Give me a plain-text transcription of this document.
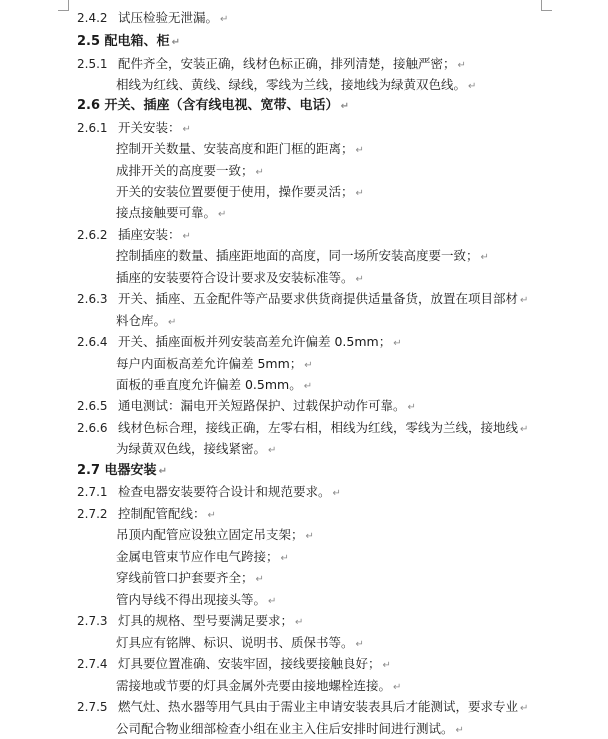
2.4.2 试压检验无泄漏。 ↵
2.5 配电箱、柜 ↵
2.5.1 配件齐全，安装正确，线材色标正确，排列清楚，接触严密； ↵
相线为红线、黄线、绿线，零线为兰线，接地线为绿黄双色线。 ↵
2.6 开关、插座（含有线电视、宽带、电话） ↵
2.6.1 开关安装： ↵
控制开关数量、安装高度和距门框的距离； ↵
成排开关的高度要一致； ↵
开关的安装位置要便于使用，操作要灵活； ↵
接点接触要可靠。 ↵
2.6.2 插座安装： ↵
控制插座的数量、插座距地面的高度，同一场所安装高度要一致； ↵
插座的安装要符合设计要求及安装标准等。 ↵
2.6.3 开关、插座、五金配件等产品要求供货商提供适量备货，放置在项目部材 ↵
料仓库。 ↵
2.6.4 开关、插座面板并列安装高差允许偏差 0.5mm； ↵
每户内面板高差允许偏差 5mm； ↵
面板的垂直度允许偏差 0.5mm。 ↵
2.6.5 通电测试：漏电开关短路保护、过载保护动作可靠。 ↵
2.6.6 线材色标合理，接线正确，左零右相，相线为红线，零线为兰线，接地线 ↵
为绿黄双色线，接线紧密。 ↵
2.7 电器安装 ↵
2.7.1 检查电器安装要符合设计和规范要求。 ↵
2.7.2 控制配管配线： ↵
吊顶内配管应设独立固定吊支架； ↵
金属电管束节应作电气跨接； ↵
穿线前管口护套要齐全； ↵
管内导线不得出现接头等。 ↵
2.7.3 灯具的规格、型号要满足要求； ↵
灯具应有铭牌、标识、说明书、质保书等。 ↵
2.7.4 灯具要位置准确、安装牢固，接线要接触良好； ↵
需接地或节要的灯具金属外壳要由接地螺栓连接。 ↵
2.7.5 燃气灶、热水器等用气具由于需业主申请安装表具后才能测试，要求专业 ↵
公司配合物业细部检查小组在业主入住后安排时间进行测试。 ↵
